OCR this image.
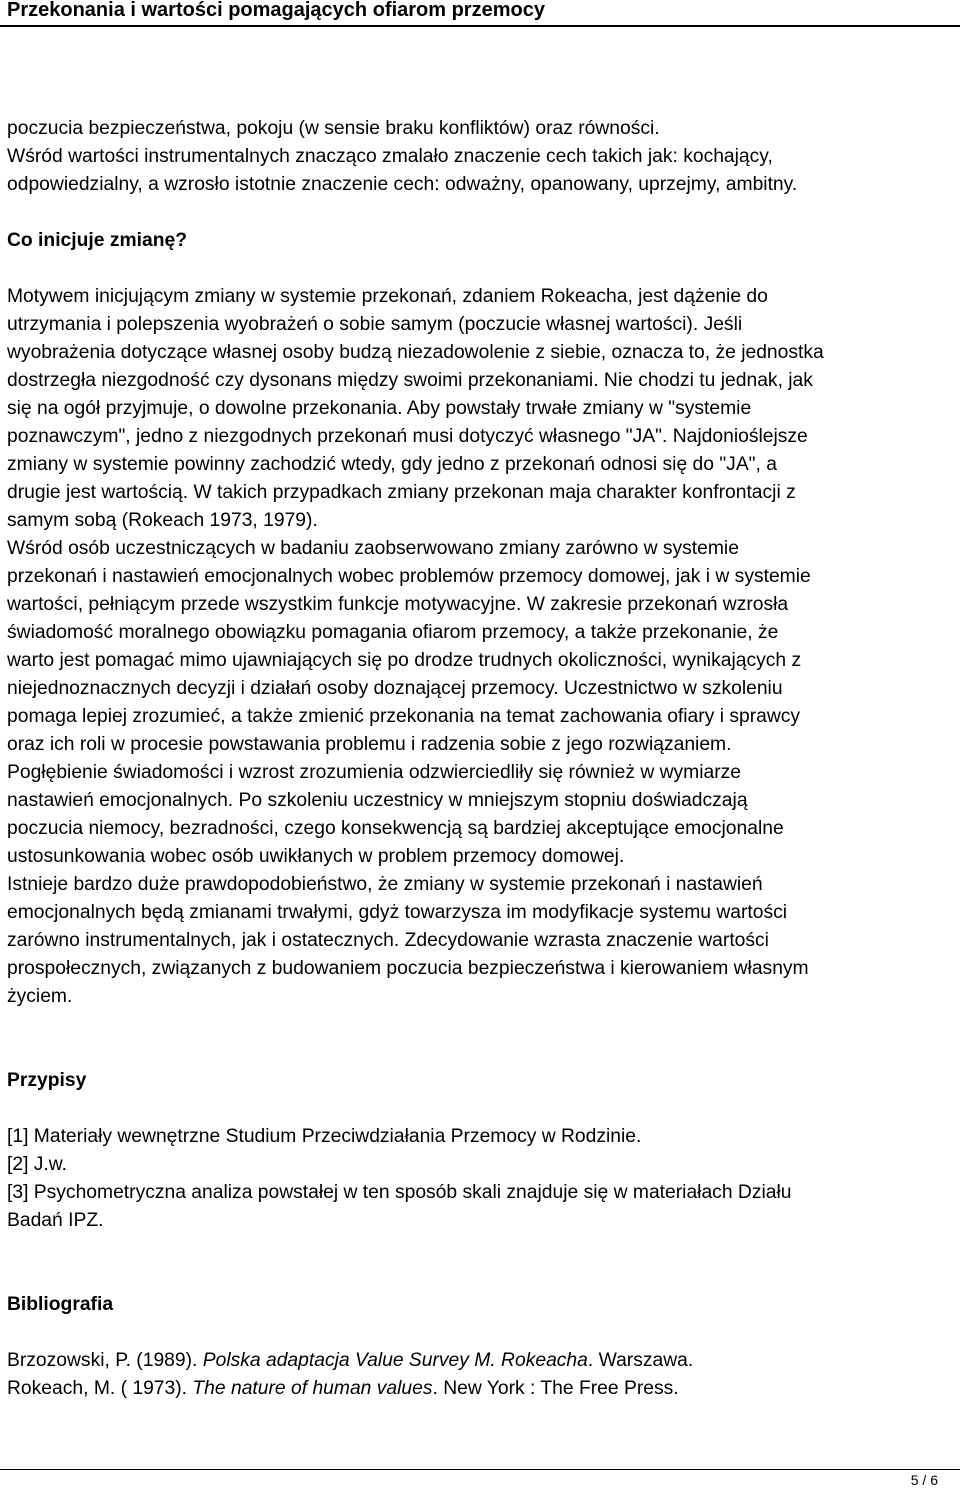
Przekonania i wartości pomagających ofiarom przemocy

poczucia bezpieczeństwa, pokoju (w sensie braku konfliktów) oraz równości.
Wśród wartości instrumentalnych znacząco zmalało znaczenie cech takich jak: kochający,
odpowiedzialny, a wzrosło istotnie znaczenie cech: odważny, opanowany, uprzejmy, ambitny.

Co inicjuje zmianę?

Motywem inicjującym zmiany w systemie przekonań, zdaniem Rokeacha, jest dążenie do
utrzymania i polepszenia wyobrażeń o sobie samym (poczucie własnej wartości). Jeśli
wyobrażenia dotyczące własnej osoby budzą niezadowolenie z siebie, oznacza to, że jednostka
dostrzegła niezgodność czy dysonans między swoimi przekonaniami. Nie chodzi tu jednak, jak
się na ogół przyjmuje, o dowolne przekonania. Aby powstały trwałe zmiany w "systemie
poznawczym", jedno z niezgodnych przekonań musi dotyczyć własnego "JA". Najdonioślejsze
zmiany w systemie powinny zachodzić wtedy, gdy jedno z przekonań odnosi się do "JA", a
drugie jest wartością. W takich przypadkach zmiany przekonan maja charakter konfrontacji z
samym sobą (Rokeach 1973, 1979).
Wśród osób uczestniczących w badaniu zaobserwowano zmiany zarówno w systemie
przekonań i nastawień emocjonalnych wobec problemów przemocy domowej, jak i w systemie
wartości, pełniącym przede wszystkim funkcje motywacyjne. W zakresie przekonań wzrosła
świadomość moralnego obowiązku pomagania ofiarom przemocy, a także przekonanie, że
warto jest pomagać mimo ujawniających się po drodze trudnych okoliczności, wynikających z
niejednoznacznych decyzji i działań osoby doznającej przemocy. Uczestnictwo w szkoleniu
pomaga lepiej zrozumieć, a także zmienić przekonania na temat zachowania ofiary i sprawcy
oraz ich roli w procesie powstawania problemu i radzenia sobie z jego rozwiązaniem.
Pogłębienie świadomości i wzrost zrozumienia odzwierciedliły się również w wymiarze
nastawień emocjonalnych. Po szkoleniu uczestnicy w mniejszym stopniu doświadczają
poczucia niemocy, bezradności, czego konsekwencją są bardziej akceptujące emocjonalne
ustosunkowania wobec osób uwikłanych w problem przemocy domowej.
Istnieje bardzo duże prawdopodobieństwo, że zmiany w systemie przekonań i nastawień
emocjonalnych będą zmianami trwałymi, gdyż towarzysza im modyfikacje systemu wartości
zarówno instrumentalnych, jak i ostatecznych. Zdecydowanie wzrasta znaczenie wartości
prospołecznych, związanych z budowaniem poczucia bezpieczeństwa i kierowaniem własnym
życiem.

Przypisy

[1] Materiały wewnętrzne Studium Przeciwdziałania Przemocy w Rodzinie.
[2] J.w.
[3] Psychometryczna analiza powstałej w ten sposób skali znajduje się w materiałach Działu
Badań IPZ.

Bibliografia

Brzozowski, P. (1989). Polska adaptacja Value Survey M. Rokeacha. Warszawa.
Rokeach, M. ( 1973). The nature of human values. New York : The Free Press.

5 / 6
